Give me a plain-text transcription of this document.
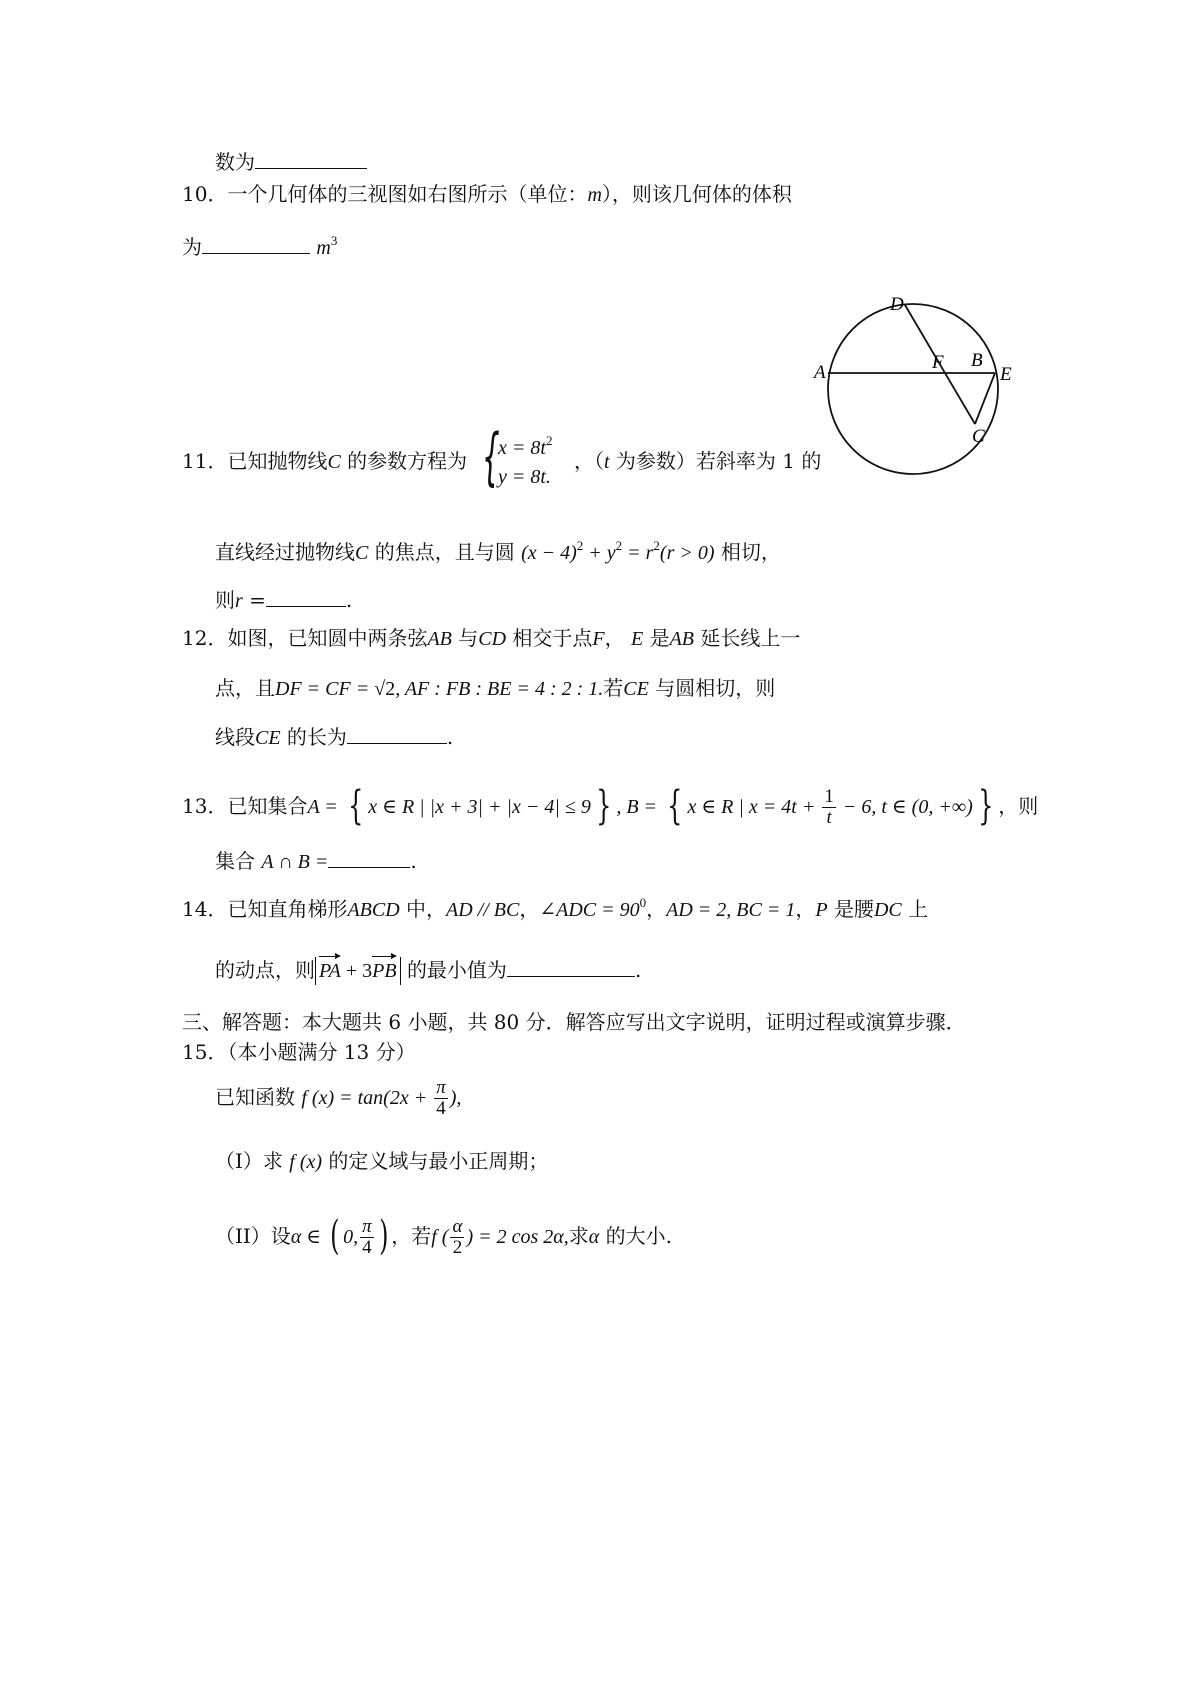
数为
10．一个几何体的三视图如右图所示（单位：m），则该几何体的体积
为	$m^3$
A
D
F B
E
C
11．已知抛物线C 的参数方程为 {
$x = 8t^2$
y = 8t.
，（t 为参数）若斜率为 1 的
直线经过抛物线C 的焦点，且与圆 $(x - 4)^2 + y^2 = r^2(r > 0)$ 相切，
则r =	.
12．如图，已知圆中两条弦AB 与CD 相交于点F， E 是AB 延长线上一
点，且DF = CF = √2, AF : FB : BE = 4 : 2 : 1.若CE 与圆相切，则
线段CE 的长为	.
13．已知集合A = { x ∈ R | |x + 3| + |x − 4| ≤ 9 } , B = { x ∈ R | $x = 4t + \frac{1}{t} - 6$, t ∈ (0, +∞) } ，则
集合 A ∩ B =	.
14．已知直角梯形ABCD 中，AD // BC，∠ADC = $90^0$，AD = 2, BC = 1，P 是腰DC 上
的动点，则 PA + 3PB 的最小值为	.
三、解答题：本大题共 6 小题，共 80 分．解答应写出文字说明，证明过程或演算步骤．
15．（本小题满分 13 分）
已知函数 f $(x) = \tan(2x + \frac{\pi}{4}$ ),
（Ⅰ）求 f (x) 的定义域与最小正周期；
（II）设α ∈ ( 0, $\frac{\pi}{4}$ ) ，若f ( $\frac{\alpha}{2}$ ) = 2 cos 2α,求α 的大小.
